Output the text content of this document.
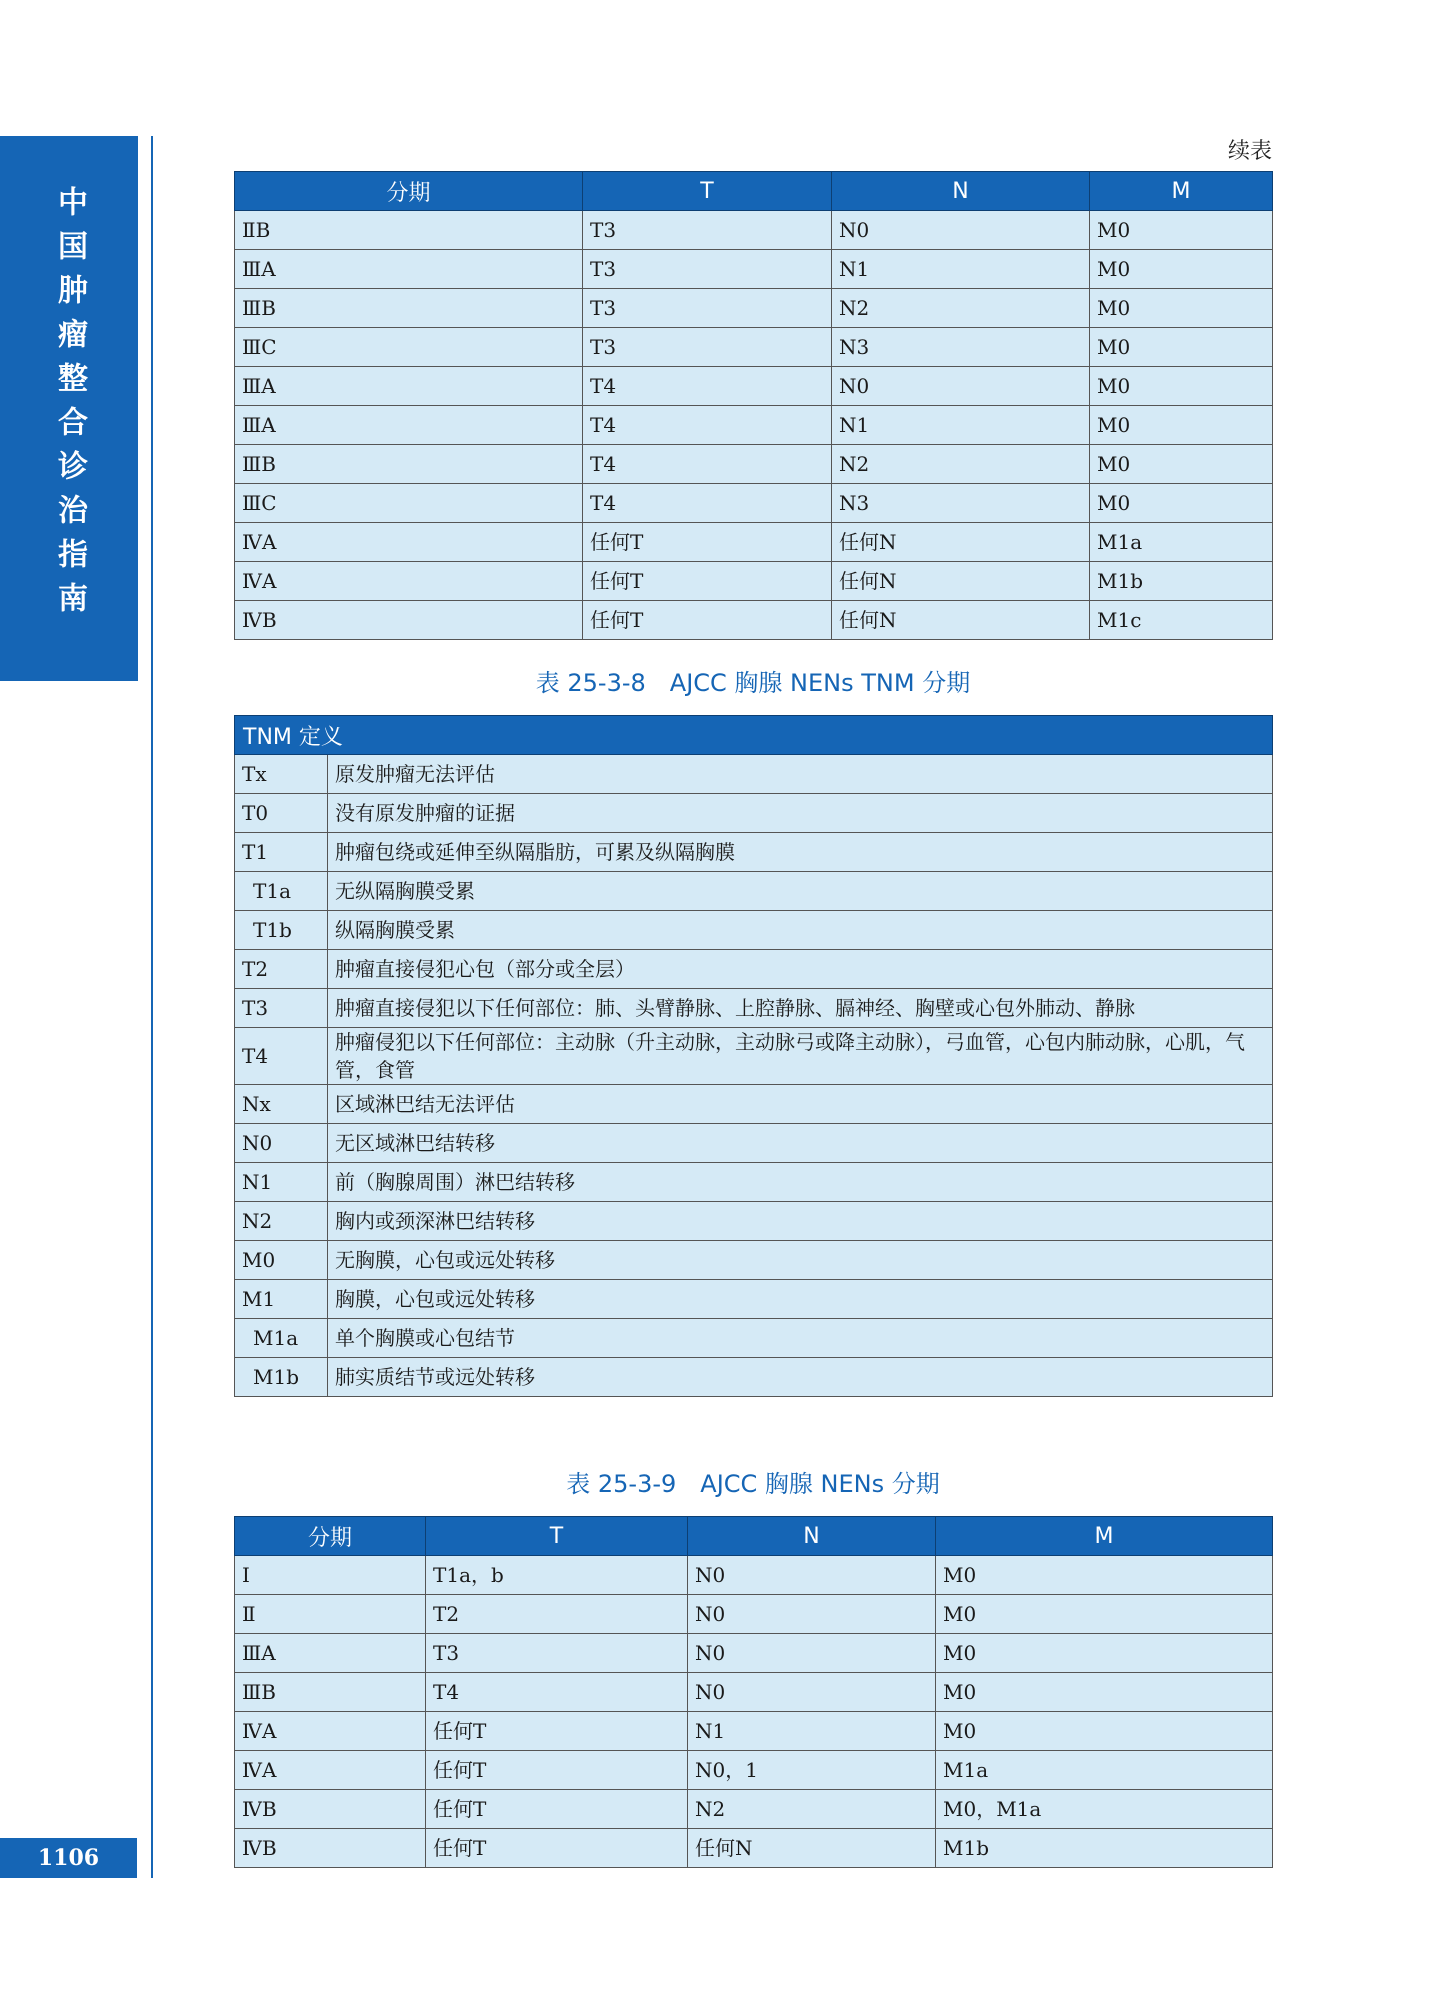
中国肿瘤整合诊治指南
1106
续表
分期	T	N	M
ⅡB	T3	N0	M0
ⅢA	T3	N1	M0
ⅢB	T3	N2	M0
ⅢC	T3	N3	M0
ⅢA	T4	N0	M0
ⅢA	T4	N1	M0
ⅢB	T4	N2	M0
ⅢC	T4	N3	M0
ⅣA	任何T	任何N	M1a
ⅣA	任何T	任何N	M1b
ⅣB	任何T	任何N	M1c
表 25-3-8　AJCC 胸腺 NENs TNM 分期
TNM 定义	
Tx	原发肿瘤无法评估
T0	没有原发肿瘤的证据
T1	肿瘤包绕或延伸至纵隔脂肪，可累及纵隔胸膜
T1a	无纵隔胸膜受累
T1b	纵隔胸膜受累
T2	肿瘤直接侵犯心包（部分或全层）
T3	肿瘤直接侵犯以下任何部位：肺、头臂静脉、上腔静脉、膈神经、胸壁或心包外肺动、静脉
T4	肿瘤侵犯以下任何部位：主动脉（升主动脉，主动脉弓或降主动脉），弓血管，心包内肺动脉，心肌，气管，食管
Nx	区域淋巴结无法评估
N0	无区域淋巴结转移
N1	前（胸腺周围）淋巴结转移
N2	胸内或颈深淋巴结转移
M0	无胸膜，心包或远处转移
M1	胸膜，心包或远处转移
M1a	单个胸膜或心包结节
M1b	肺实质结节或远处转移
表 25-3-9　AJCC 胸腺 NENs 分期
分期	T	N	M
Ⅰ	T1a，b	N0	M0
Ⅱ	T2	N0	M0
ⅢA	T3	N0	M0
ⅢB	T4	N0	M0
ⅣA	任何T	N1	M0
ⅣA	任何T	N0，1	M1a
ⅣB	任何T	N2	M0，M1a
ⅣB	任何T	任何N	M1b
